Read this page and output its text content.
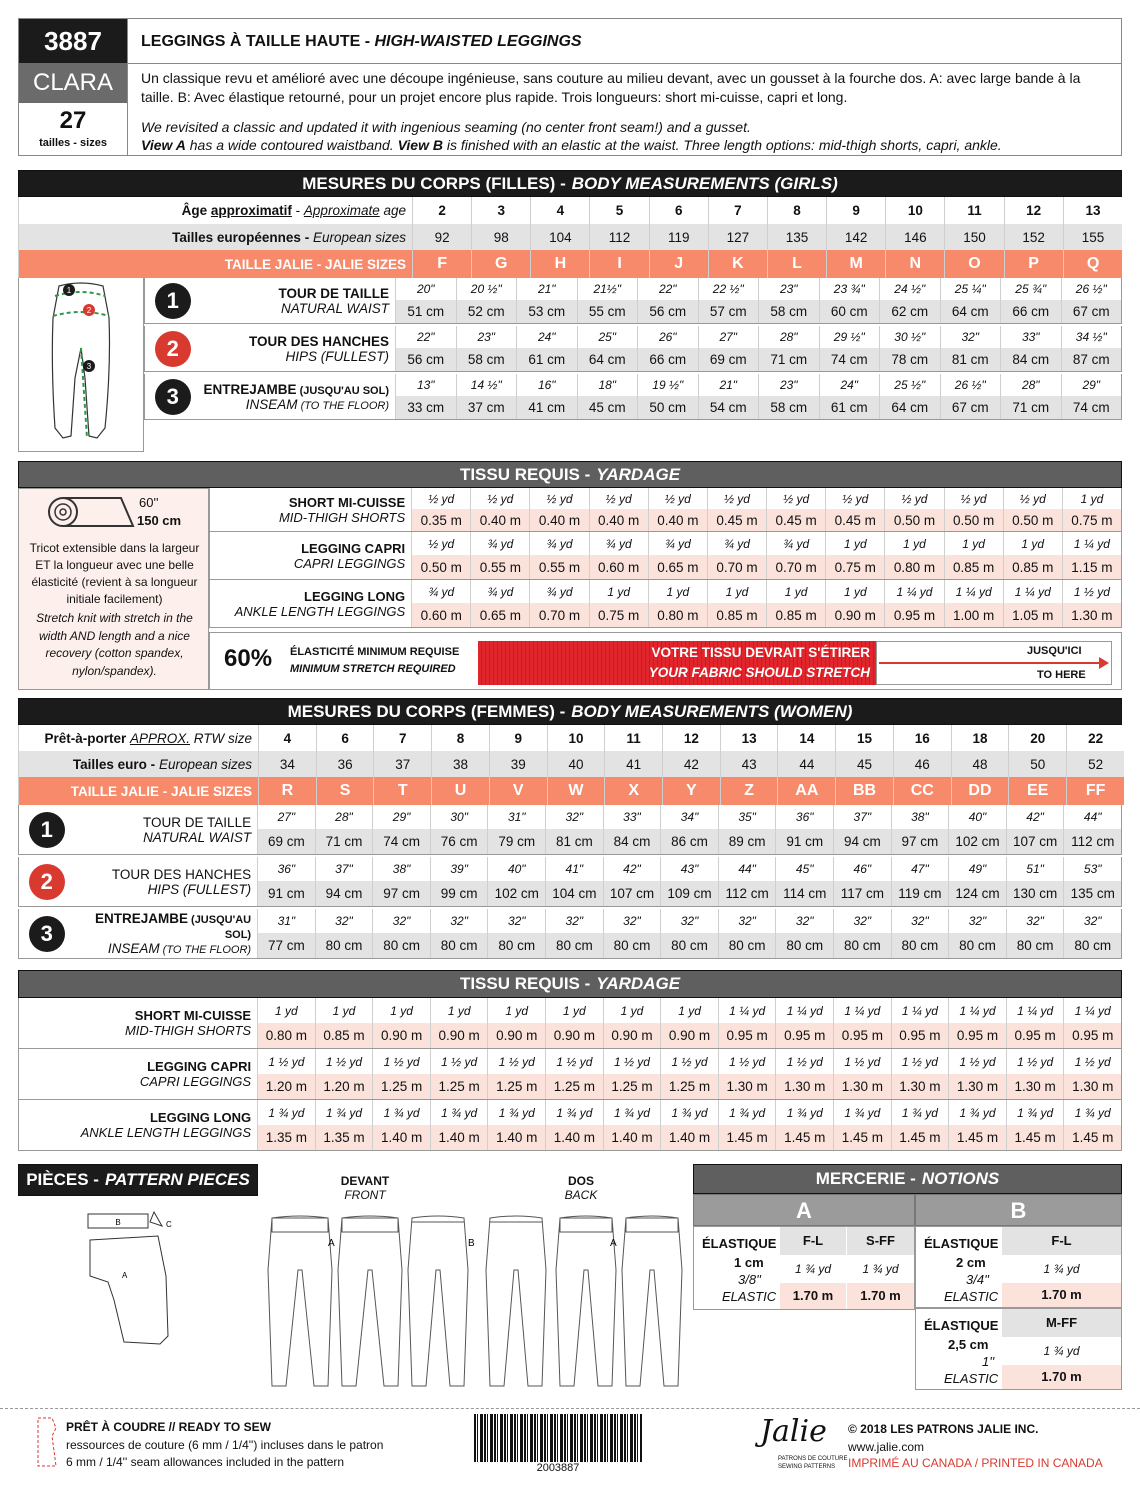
3887
CLARA
27
tailles - sizes
LEGGINGS À TAILLE HAUTE - HIGH-WAISTED LEGGINGS
Un classique revu et amélioré avec une découpe ingénieuse, sans couture au milieu devant, avec un gousset à la fourche dos. A: avec large bande à la taille. B: Avec élastique retourné, pour un projet encore plus rapide. Trois longueurs: short mi-cuisse, capri et long.
We revisited a classic and updated it with ingenious seaming (no center front seam!) and a gusset.
View A has a wide contoured waistband. View B is finished with an elastic at the waist. Three length options: mid-thigh shorts, capri, ankle.
MESURES DU CORPS (FILLES) - BODY MEASUREMENTS (GIRLS)
1
2
3
Âge approximatif - Approximate age	2	3	4	5	6	7	8	9	10	11	12	13
Tailles européennes - European sizes	92	98	104	112	119	127	135	142	146	150	152	155
TAILLE JALIE - JALIE SIZES	F	G	H	I	J	K	L	M	N	O	P	Q
1	TOUR DE TAILLE
NATURAL WAIST
20"	20 ½"	21"	21½"	22"	22 ½"	23"	23 ¾"	24 ½"	25 ¼"	25 ¾"	26 ½"
51 cm	52 cm	53 cm	55 cm	56 cm	57 cm	58 cm	60 cm	62 cm	64 cm	66 cm	67 cm
2	TOUR DES HANCHES
HIPS (FULLEST)
22"	23"	24"	25"	26"	27"	28"	29 ½"	30 ½"	32"	33"	34 ½"
56 cm	58 cm	61 cm	64 cm	66 cm	69 cm	71 cm	74 cm	78 cm	81 cm	84 cm	87 cm
3	ENTREJAMBE (JUSQU'AU SOL)
INSEAM (TO THE FLOOR)
13"	14 ½"	16"	18"	19 ½"	21"	23"	24"	25 ½"	26 ½"	28"	29"
33 cm	37 cm	41 cm	45 cm	50 cm	54 cm	58 cm	61 cm	64 cm	67 cm	71 cm	74 cm
TISSU REQUIS - YARDAGE
60''
150 cm
Tricot extensible dans la largeur ET la longueur avec une belle élasticité (revient à sa longueur initiale facilement)
Stretch knit with stretch in the width AND length and a nice recovery (cotton spandex, nylon/spandex).
SHORT MI-CUISSE
MID-THIGH SHORTS
½ yd	½ yd	½ yd	½ yd	½ yd	½ yd	½ yd	½ yd	½ yd	½ yd	½ yd	1 yd
0.35 m	0.40 m	0.40 m	0.40 m	0.40 m	0.45 m	0.45 m	0.45 m	0.50 m	0.50 m	0.50 m	0.75 m
LEGGING CAPRI
CAPRI LEGGINGS
½ yd	¾ yd	¾ yd	¾ yd	¾ yd	¾ yd	¾ yd	1 yd	1 yd	1 yd	1 yd	1 ¼ yd
0.50 m	0.55 m	0.55 m	0.60 m	0.65 m	0.70 m	0.70 m	0.75 m	0.80 m	0.85 m	0.85 m	1.15 m
LEGGING LONG
ANKLE LENGTH LEGGINGS
¾ yd	¾ yd	¾ yd	1 yd	1 yd	1 yd	1 yd	1 yd	1 ¼ yd	1 ¼ yd	1 ¼ yd	1 ½ yd
0.60 m	0.65 m	0.70 m	0.75 m	0.80 m	0.85 m	0.85 m	0.90 m	0.95 m	1.00 m	1.05 m	1.30 m
60% ÉLASTICITÉ MINIMUM REQUISE
MINIMUM STRETCH REQUIRED
VOTRE TISSU DEVRAIT S'ÉTIRER
YOUR FABRIC SHOULD STRETCH
JUSQU'ICI
TO HERE
MESURES DU CORPS (FEMMES) - BODY MEASUREMENTS (WOMEN)
Prêt-à-porter APPROX. RTW size	4	6	7	8	9	10	11	12	13	14	15	16	18	20	22
Tailles euro - European sizes	34	36	37	38	39	40	41	42	43	44	45	46	48	50	52
TAILLE JALIE - JALIE SIZES	R	S	T	U	V	W	X	Y	Z	AA	BB	CC	DD	EE	FF
1	TOUR DE TAILLE
NATURAL WAIST
27"	28"	29"	30"	31"	32"	33"	34"	35"	36"	37"	38"	40"	42"	44"
69 cm	71 cm	74 cm	76 cm	79 cm	81 cm	84 cm	86 cm	89 cm	91 cm	94 cm	97 cm	102 cm 107 cm	112 cm
2	TOUR DES HANCHES
HIPS (FULLEST)
36"	37"	38"	39"	40"	41"	42"	43"	44"	45"	46"	47"	49"	51"	53"
91 cm	94 cm	97 cm	99 cm	102 cm 104 cm 107 cm 109 cm	112 cm	114 cm	117 cm	119 cm	124 cm 130 cm 135 cm
3
ENTREJAMBE (JUSQU'AU SOL)
INSEAM (TO THE FLOOR)
31"	32"	32"	32"	32"	32"	32"	32"	32"	32"	32"	32"	32"	32"	32"
77 cm	80 cm	80 cm	80 cm	80 cm	80 cm	80 cm	80 cm	80 cm	80 cm	80 cm	80 cm	80 cm	80 cm	80 cm
TISSU REQUIS - YARDAGE
SHORT MI-CUISSE
MID-THIGH SHORTS
1 yd	1 yd	1 yd	1 yd	1 yd	1 yd	1 yd	1 yd	1 ¼ yd	1 ¼ yd	1 ¼ yd	1 ¼ yd	1 ¼ yd	1 ¼ yd	1 ¼ yd
0.80 m	0.85 m	0.90 m	0.90 m	0.90 m	0.90 m	0.90 m	0.90 m	0.95 m	0.95 m	0.95 m	0.95 m	0.95 m	0.95 m	0.95 m
LEGGING CAPRI
CAPRI LEGGINGS
1 ½ yd	1 ½ yd	1 ½ yd	1 ½ yd	1 ½ yd	1 ½ yd	1 ½ yd	1 ½ yd	1 ½ yd	1 ½ yd	1 ½ yd	1 ½ yd	1 ½ yd	1 ½ yd	1 ½ yd
1.20 m	1.20 m	1.25 m	1.25 m	1.25 m	1.25 m	1.25 m	1.25 m	1.30 m	1.30 m	1.30 m	1.30 m	1.30 m	1.30 m	1.30 m
LEGGING LONG
ANKLE LENGTH LEGGINGS
1 ¾ yd	1 ¾ yd	1 ¾ yd	1 ¾ yd	1 ¾ yd	1 ¾ yd	1 ¾ yd	1 ¾ yd	1 ¾ yd	1 ¾ yd	1 ¾ yd	1 ¾ yd	1 ¾ yd	1 ¾ yd	1 ¾ yd
1.35 m	1.35 m	1.40 m	1.40 m	1.40 m	1.40 m	1.40 m	1.40 m	1.45 m	1.45 m	1.45 m	1.45 m	1.45 m	1.45 m	1.45 m
PIÈCES - PATTERN PIECES
B	C
A
DEVANT
FRONT
DOS
BACK
A	B	A
MERCERIE - NOTIONS
A	B
ÉLASTIQUE
1 cm
3/8''
ELASTIC
F-L	S-FF
1 ¾ yd	1 ¾ yd
1.70 m	1.70 m
ÉLASTIQUE
2 cm
3/4''
ELASTIC
F-L
1 ¾ yd
1.70 m
ÉLASTIQUE
2,5 cm
1''
ELASTIC
M-FF
1 ¾ yd
1.70 m
PRÊT À COUDRE // READY TO SEW
ressources de couture (6 mm / 1/4'') incluses dans le patron
6 mm / 1/4'' seam allowances included in the pattern	2003887
Jalie
PATRONS DE COUTURE
SEWING PATTERNS
© 2018 LES PATRONS JALIE INC.
www.jalie.com
IMPRIMÉ AU CANADA / PRINTED IN CANADA
